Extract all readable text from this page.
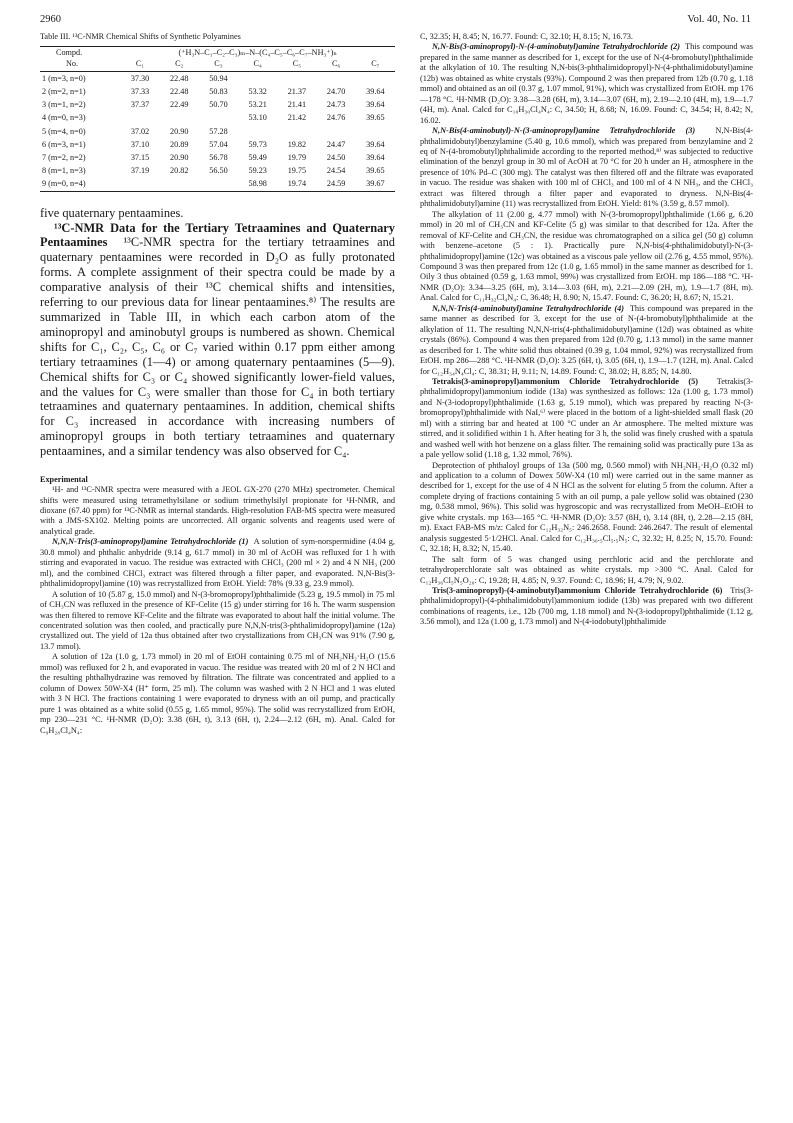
2960	Vol. 40, No. 11
Table III. ¹³C-NMR Chemical Shifts of Synthetic Polyamines
Compd.	(⁺H₃N–C₁–C₂–C₃)ₘ–N–(C₄–C₅–C₆–C₇–NH₃⁺)ₙ						
No.	C₁	C₂	C₃	C₄	C₅	C₆	C₇
1 (m=3, n=0)	37.30	22.48	50.94				
2 (m=2, n=1)	37.33	22.48	50.83	53.32	21.37	24.70	39.64
3 (m=1, n=2)	37.37	22.49	50.70	53.21	21.41	24.73	39.64
4 (m=0, n=3)				53.10	21.42	24.76	39.65
5 (m=4, n=0)	37.02	20.90	57.28				
6 (m=3, n=1)	37.10	20.89	57.04	59.73	19.82	24.47	39.64
7 (m=2, n=2)	37.15	20.90	56.78	59.49	19.79	24.50	39.64
8 (m=1, n=3)	37.19	20.82	56.50	59.23	19.75	24.54	39.65
9 (m=0, n=4)				58.98	19.74	24.59	39.67

five quaternary pentaamines.

¹³C-NMR Data for the Tertiary Tetraamines and Quaternary Pentaamines ¹³C-NMR spectra for the tertiary tetraamines and quaternary pentaamines were recorded in D₂O as fully protonated forms. A complete assignment of their spectra could be made by a comparative analysis of their ¹³C chemical shifts and intensities, referring to our previous data for linear pentaamines.⁸⁾ The results are summarized in Table III, in which each carbon atom of the aminopropyl and aminobutyl groups is numbered as shown. Chemical shifts for C₁, C₂, C₅, C₆ or C₇ varied within 0.17 ppm either among tertiary tetraamines (1—4) or among quaternary pentaamines (5—9). Chemical shifts for C₃ or C₄ showed significantly lower-field values, and the values for C₃ were smaller than those for C₄ in both tertiary tetraamines and quaternary pentaamines. In addition, chemical shifts for C₃ increased in accordance with increasing numbers of aminopropyl groups in both tertiary tetraamines and quaternary pentaamines, and a similar tendency was also observed for C₄.

Experimental

¹H- and ¹³C-NMR spectra were measured with a JEOL GX-270 (270 MHz) spectrometer. Chemical shifts were measured using tetramethylsilane or sodium trimethylsilyl propionate for ¹H-NMR, and dioxane (67.40 ppm) for ¹³C-NMR as internal standards. High-resolution FAB-MS spectra were measured with a JMS-SX102. Melting points are uncorrected. All organic solvents and reagents used were of analytical grade.

N,N,N-Tris(3-aminopropyl)amine Tetrahydrochloride (1) A solution of sym-norspermidine (4.04 g, 30.8 mmol) and phthalic anhydride (9.14 g, 61.7 mmol) in 30 ml of AcOH was refluxed for 1 h with stirring and evaporated in vacuo. The residue was extracted with CHCl₃ (200 ml × 2) and 4 N NH₃ (200 ml), and the combined CHCl₃ extract was filtered through a filter paper, and evaporated. N,N-Bis(3-phthalimidopropyl)amine (10) was recrystallized from EtOH. Yield: 78% (9.33 g, 23.9 mmol).

A solution of 10 (5.87 g, 15.0 mmol) and N-(3-bromopropyl)phthalimide (5.23 g, 19.5 mmol) in 75 ml of CH₃CN was refluxed in the presence of KF-Celite (15 g) under stirring for 16 h. The warm suspension was then filtered to remove KF-Celite and the filtrate was evaporated to about half the initial volume. The concentrated solution was then cooled, and practically pure N,N,N-tris(3-phthalimidopropyl)amine (12a) crystallized out. The yield of 12a thus obtained after two crystallizations from CH₃CN was 91% (7.90 g, 13.7 mmol).

A solution of 12a (1.0 g, 1.73 mmol) in 20 ml of EtOH containing 0.75 ml of NH₂NH₂·H₂O (15.6 mmol) was refluxed for 2 h, and evaporated in vacuo. The residue was treated with 20 ml of 2 N HCl and the resulting phthalhydrazine was removed by filtration. The filtrate was concentrated and applied to a column of Dowex 50W-X4 (H⁺ form, 25 ml). The column was washed with 2 N HCl and 1 was eluted with 3 N HCl. The fractions containing 1 were evaporated to dryness with an oil pump, and practically pure 1 was obtained as a white solid (0.55 g, 1.65 mmol, 95%). The solid was recrystallized from EtOH, mp 230—231 °C. ¹H-NMR (D₂O): 3.38 (6H, t), 3.13 (6H, t), 2.24—2.12 (6H, m). Anal. Calcd for C₉H₂₈Cl₄N₄:

C, 32.35; H, 8.45; N, 16.77. Found: C, 32.10; H, 8.15; N, 16.73.

N,N-Bis(3-aminopropyl)-N-(4-aminobutyl)amine Tetrahydrochloride (2) This compound was prepared in the same manner as described for 1, except for the use of N-(4-bromobutyl)phthalimide at the alkylation of 10. The resulting N,N-bis(3-phthalimidopropyl)-N-(4-phthalimidobutyl)amine (12b) was obtained as white crystals (93%). Compound 2 was then prepared from 12b (0.70 g, 1.18 mmol) and obtained as an oil (0.37 g, 1.07 mmol, 91%), which was crystallized from EtOH. mp 176—178 °C. ¹H-NMR (D₂O): 3.38—3.28 (6H, m), 3.14—3.07 (6H, m), 2.19—2.10 (4H, m), 1.9—1.7 (4H, m). Anal. Calcd for C₁₀H₃₀Cl₄N₄: C, 34.50; H, 8.68; N, 16.09. Found: C, 34.54; H, 8.42; N, 16.02.

N,N-Bis(4-aminobutyl)-N-(3-aminopropyl)amine Tetrahydrochloride (3) N,N-Bis(4-phthalimidobutyl)benzylamine (5.40 g, 10.6 mmol), which was prepared from benzylamine and 2 eq of N-(4-bromobutyl)phthalimide according to the reported method,⁸⁾ was subjected to reductive elimination of the benzyl group in 30 ml of AcOH at 70 °C for 20 h under an H₂ atmosphere in the presence of 10% Pd–C (300 mg). The catalyst was then filtered off and the filtrate was evaporated in vacuo. The residue was shaken with 100 ml of CHCl₃ and 100 ml of 4 N NH₃, and the CHCl₃ extract was filtered through a filter paper and evaporated to dryness. N,N-Bis(4-phthalimidobutyl)amine (11) was recrystallized from EtOH. Yield: 81% (3.59 g, 8.57 mmol).

The alkylation of 11 (2.00 g, 4.77 mmol) with N-(3-bromopropyl)phthalimide (1.66 g, 6.20 mmol) in 20 ml of CH₃CN and KF-Celite (5 g) was similar to that described for 12a. After the removal of KF-Celite and CH₃CN, the residue was chromatographed on a silica gel (50 g) column with benzene–acetone (5 : 1). Practically pure N,N-bis(4-phthalimidobutyl)-N-(3-phthalimidopropyl)amine (12c) was obtained as a viscous pale yellow oil (2.76 g, 4.55 mmol, 95%). Compound 3 was then prepared from 12c (1.0 g, 1.65 mmol) in the same manner as described for 1. Oily 3 thus obtained (0.59 g, 1.63 mmol, 99%) was crystallized from EtOH. mp 186—188 °C. ¹H-NMR (D₂O): 3.34—3.25 (6H, m), 3.14—3.03 (6H, m), 2.21—2.09 (2H, m), 1.9—1.7 (8H, m). Anal. Calcd for C₁₁H₃₂Cl₄N₄: C, 36.48; H, 8.90; N, 15.47. Found: C, 36.20; H, 8.67; N, 15.21.

N,N,N-Tris(4-aminobutyl)amine Tetrahydrochloride (4) This compound was prepared in the same manner as described for 3, except for the use of N-(4-bromobutyl)phthalimide at the alkylation of 11. The resulting N,N,N-tris(4-phthalimidobutyl)amine (12d) was obtained as white crystals (86%). Compound 4 was then prepared from 12d (0.70 g, 1.13 mmol) in the same manner as described for 1. The white solid thus obtained (0.39 g, 1.04 mmol, 92%) was recrystallized from EtOH. mp 286—288 °C. ¹H-NMR (D₂O): 3.25 (6H, t), 3.05 (6H, t), 1.9—1.7 (12H, m). Anal. Calcd for C₁₂H₃₄N₄Cl₄: C, 38.31; H, 9.11; N, 14.89. Found: C, 38.02; H, 8.85; N, 14.80.

Tetrakis(3-aminopropyl)ammonium Chloride Tetrahydrochloride (5) Tetrakis(3-phthalimidopropyl)ammonium iodide (13a) was synthesized as follows: 12a (1.00 g, 1.73 mmol) and N-(3-iodopropyl)phthalimide (1.63 g, 5.19 mmol), which was prepared by reacting N-(3-bromopropyl)phthalimide with NaI,⁶⁾ were placed in the bottom of a light-shielded small flask (20 ml) with a stirring bar and heated at 100 °C under an Ar atmosphere. The melted mixture was stirred, and it solidified within 1 h. After heating for 3 h, the solid was finely crushed with a spatula and washed well with hot benzene on a glass filter. The remaining solid was practically pure 13a as a pale yellow solid (1.18 g, 1.32 mmol, 76%).

Deprotection of phthaloyl groups of 13a (500 mg, 0.560 mmol) with NH₂NH₂·H₂O (0.32 ml) and application to a column of Dowex 50W-X4 (10 ml) were carried out in the same manner as described for 1, except for the use of 4 N HCl as the solvent for eluting 5 from the column. After a complete drying of fractions containing 5 with an oil pump, a pale yellow solid was obtained (230 mg, 0.538 mmol, 96%). This solid was hygroscopic and was recrystallized from MeOH–EtOH to give white crystals. mp 163—165 °C. ¹H-NMR (D₂O): 3.57 (8H, t), 3.14 (8H, t), 2.28—2.15 (8H, m). Exact FAB-MS m/z: Calcd for C₁₂H₃₂N₅: 246.2658. Found: 246.2647. The result of elemental analysis suggested 5·1/2HCl. Anal. Calcd for C₁₂H₃₆.₅Cl₅.₅N₅: C, 32.32; H, 8.25; N, 15.70. Found: C, 32.18; H, 8.32; N, 15.40.

The salt form of 5 was changed using perchloric acid and the perchlorate and tetrahydroperchlorate salt was obtained as white crystals. mp >300 °C. Anal. Calcd for C₁₂H₃₆Cl₅N₅O₂₀: C, 19.28; H, 4.85; N, 9.37. Found: C, 18.96; H, 4.79; N, 9.02.

Tris(3-aminopropyl)-(4-aminobutyl)ammonium Chloride Tetrahydrochloride (6) Tris(3-phthalimidopropyl)-(4-phthalimidobutyl)ammonium iodide (13b) was prepared with two different combinations of reagents, i.e., 12b (700 mg, 1.18 mmol) and N-(3-iodopropyl)phthalimide (1.12 g, 3.56 mmol), and 12a (1.00 g, 1.73 mmol) and N-(4-iodobutyl)phthalimide
